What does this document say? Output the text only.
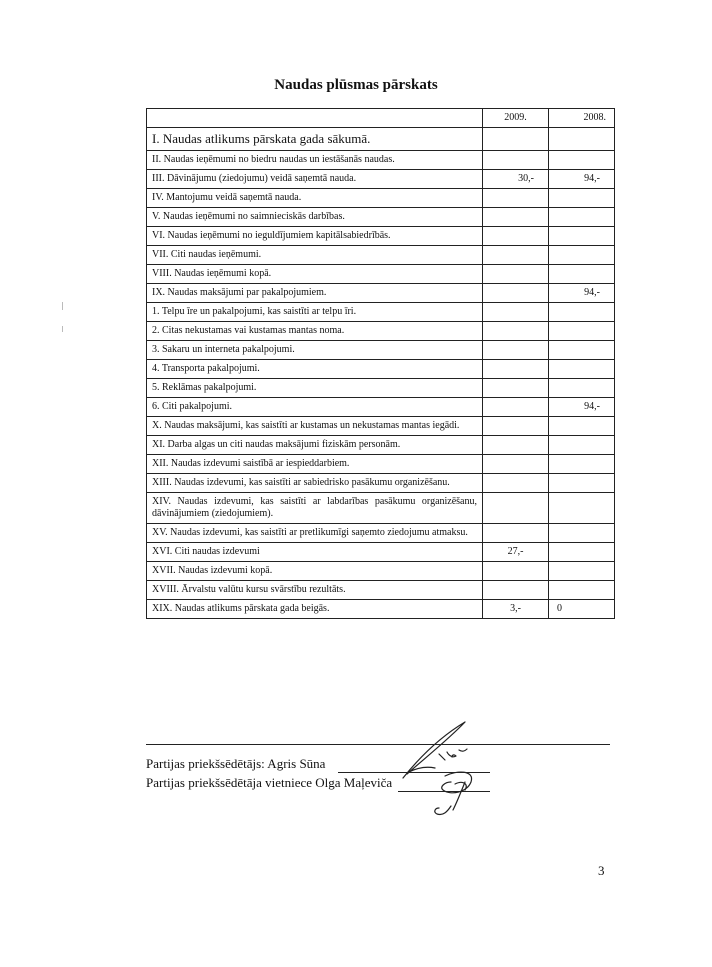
Naudas plūsmas pārskats
	2009.	2008.
I. Naudas atlikums pārskata gada sākumā.		
II. Naudas ieņēmumi no biedru naudas un iestāšanās naudas.		
III. Dāvinājumu (ziedojumu) veidā saņemtā nauda.	30,-	94,-
IV. Mantojumu veidā saņemtā nauda.		
V. Naudas ieņēmumi no saimnieciskās darbības.		
VI. Naudas ieņēmumi no ieguldījumiem kapitālsabiedrībās.		
VII. Citi naudas ieņēmumi.		
VIII. Naudas ieņēmumi kopā.		
IX. Naudas maksājumi par pakalpojumiem.		94,-
1. Telpu īre un pakalpojumi, kas saistīti ar telpu īri.		
2. Citas nekustamas vai kustamas mantas noma.		
3. Sakaru un interneta pakalpojumi.		
4. Transporta pakalpojumi.		
5. Reklāmas pakalpojumi.		
6. Citi pakalpojumi.		94,-
X. Naudas maksājumi, kas saistīti ar kustamas un nekustamas mantas iegādi.		
XI. Darba algas un citi naudas maksājumi fiziskām personām.		
XII. Naudas izdevumi saistībā ar iespieddarbiem.		
XIII. Naudas izdevumi, kas saistīti ar sabiedrisko pasākumu organizēšanu.		
XIV. Naudas izdevumi, kas saistīti ar labdarības pasākumu organizēšanu, dāvinājumiem (ziedojumiem).		
XV. Naudas izdevumi, kas saistīti ar pretlikumīgi saņemto ziedojumu atmaksu.		
XVI. Citi naudas izdevumi	27,-	
XVII. Naudas izdevumi kopā.		
XVIII. Ārvalstu valūtu kursu svārstību rezultāts.		
XIX. Naudas atlikums pārskata gada beigās.	3,-	0
Partijas priekšsēdētājs: Agris Sūna
Partijas priekšsēdētāja vietniece Olga Maļeviča
3
